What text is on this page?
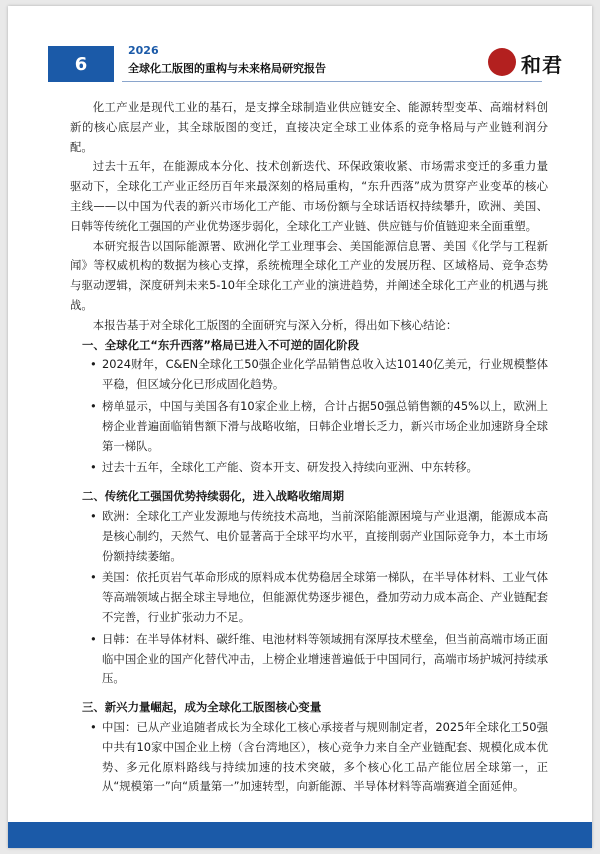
6
2026
全球化工版图的重构与未来格局研究报告	和君

化工产业是现代工业的基石，是支撑全球制造业供应链安全、能源转型变革、高端材料创新的核心底层产业，其全球版图的变迁，直接决定全球工业体系的竞争格局与产业链利润分配。

过去十五年，在能源成本分化、技术创新迭代、环保政策收紧、市场需求变迁的多重力量驱动下，全球化工产业正经历百年来最深刻的格局重构，“东升西落”成为贯穿产业变革的核心主线——以中国为代表的新兴市场化工产能、市场份额与全球话语权持续攀升，欧洲、美国、日韩等传统化工强国的产业优势逐步弱化，全球化工产业链、供应链与价值链迎来全面重塑。

本研究报告以国际能源署、欧洲化学工业理事会、美国能源信息署、美国《化学与工程新闻》等权威机构的数据为核心支撑，系统梳理全球化工产业的发展历程、区域格局、竞争态势与驱动逻辑，深度研判未来5-10年全球化工产业的演进趋势，并阐述全球化工产业的机遇与挑战。

本报告基于对全球化工版图的全面研究与深入分析，得出如下核心结论：

一、全球化工“东升西落”格局已进入不可逆的固化阶段

• 2024财年，C&EN全球化工50强企业化学品销售总收入达10140亿美元，行业规模整体平稳，但区域分化已形成固化趋势。

• 榜单显示，中国与美国各有10家企业上榜，合计占据50强总销售额的45%以上，欧洲上榜企业普遍面临销售额下滑与战略收缩，日韩企业增长乏力，新兴市场企业加速跻身全球第一梯队。

• 过去十五年，全球化工产能、资本开支、研发投入持续向亚洲、中东转移。

二、传统化工强国优势持续弱化，进入战略收缩周期

• 欧洲：全球化工产业发源地与传统技术高地，当前深陷能源困境与产业退潮，能源成本高是核心制约，天然气、电价显著高于全球平均水平，直接削弱产业国际竞争力，本土市场份额持续萎缩。

• 美国：依托页岩气革命形成的原料成本优势稳居全球第一梯队，在半导体材料、工业气体等高端领域占据全球主导地位，但能源优势逐步褪色，叠加劳动力成本高企、产业链配套不完善，行业扩张动力不足。

• 日韩：在半导体材料、碳纤维、电池材料等领域拥有深厚技术壁垒，但当前高端市场正面临中国企业的国产化替代冲击，上榜企业增速普遍低于中国同行，高端市场护城河持续承压。

三、新兴力量崛起，成为全球化工版图核心变量

• 中国：已从产业追随者成长为全球化工核心承接者与规则制定者，2025年全球化工50强中共有10家中国企业上榜（含台湾地区），核心竞争力来自全产业链配套、规模化成本优势、多元化原料路线与持续加速的技术突破，多个核心化工品产能位居全球第一，正从“规模第一”向“质量第一”加速转型，向新能源、半导体材料等高端赛道全面延伸。
